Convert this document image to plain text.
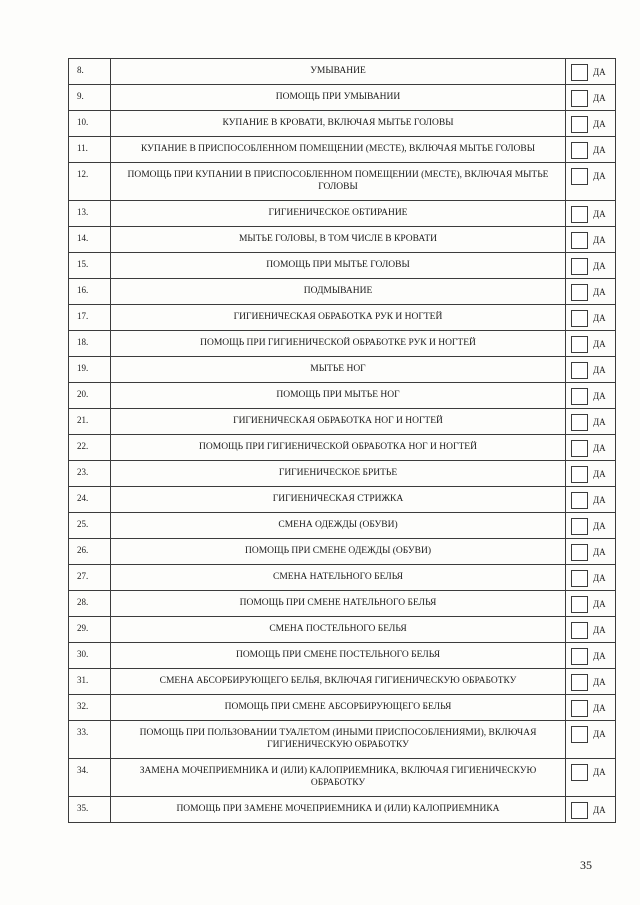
8.	УМЫВАНИЕ	ДА
9.	ПОМОЩЬ ПРИ УМЫВАНИИ	ДА
10.	КУПАНИЕ В КРОВАТИ, ВКЛЮЧАЯ МЫТЬЕ ГОЛОВЫ	ДА
11.	КУПАНИЕ В ПРИСПОСОБЛЕННОМ ПОМЕЩЕНИИ (МЕСТЕ), ВКЛЮЧАЯ МЫТЬЕ ГОЛОВЫ	ДА
12.	ПОМОЩЬ ПРИ КУПАНИИ В ПРИСПОСОБЛЕННОМ ПОМЕЩЕНИИ (МЕСТЕ), ВКЛЮЧАЯ МЫТЬЕ ГОЛОВЫ	ДА
13.	ГИГИЕНИЧЕСКОЕ ОБТИРАНИЕ	ДА
14.	МЫТЬЕ ГОЛОВЫ, В ТОМ ЧИСЛЕ В КРОВАТИ	ДА
15.	ПОМОЩЬ ПРИ МЫТЬЕ ГОЛОВЫ	ДА
16.	ПОДМЫВАНИЕ	ДА
17.	ГИГИЕНИЧЕСКАЯ ОБРАБОТКА РУК И НОГТЕЙ	ДА
18.	ПОМОЩЬ ПРИ ГИГИЕНИЧЕСКОЙ ОБРАБОТКЕ РУК И НОГТЕЙ	ДА
19.	МЫТЬЕ НОГ	ДА
20.	ПОМОЩЬ ПРИ МЫТЬЕ НОГ	ДА
21.	ГИГИЕНИЧЕСКАЯ ОБРАБОТКА НОГ И НОГТЕЙ	ДА
22.	ПОМОЩЬ ПРИ ГИГИЕНИЧЕСКОЙ ОБРАБОТКА НОГ И НОГТЕЙ	ДА
23.	ГИГИЕНИЧЕСКОЕ БРИТЬЕ	ДА
24.	ГИГИЕНИЧЕСКАЯ СТРИЖКА	ДА
25.	СМЕНА ОДЕЖДЫ (ОБУВИ)	ДА
26.	ПОМОЩЬ ПРИ СМЕНЕ ОДЕЖДЫ (ОБУВИ)	ДА
27.	СМЕНА НАТЕЛЬНОГО БЕЛЬЯ	ДА
28.	ПОМОЩЬ ПРИ СМЕНЕ НАТЕЛЬНОГО БЕЛЬЯ	ДА
29.	СМЕНА ПОСТЕЛЬНОГО БЕЛЬЯ	ДА
30.	ПОМОЩЬ ПРИ СМЕНЕ ПОСТЕЛЬНОГО БЕЛЬЯ	ДА
31.	СМЕНА АБСОРБИРУЮЩЕГО БЕЛЬЯ, ВКЛЮЧАЯ ГИГИЕНИЧЕСКУЮ ОБРАБОТКУ	ДА
32.	ПОМОЩЬ ПРИ СМЕНЕ АБСОРБИРУЮЩЕГО БЕЛЬЯ	ДА
33.	ПОМОЩЬ ПРИ ПОЛЬЗОВАНИИ ТУАЛЕТОМ (ИНЫМИ ПРИСПОСОБЛЕНИЯМИ), ВКЛЮЧАЯ ГИГИЕНИЧЕСКУЮ ОБРАБОТКУ	ДА
34.	ЗАМЕНА МОЧЕПРИЕМНИКА И (ИЛИ) КАЛОПРИЕМНИКА, ВКЛЮЧАЯ ГИГИЕНИЧЕСКУЮ ОБРАБОТКУ	ДА
35.	ПОМОЩЬ ПРИ ЗАМЕНЕ МОЧЕПРИЕМНИКА И (ИЛИ) КАЛОПРИЕМНИКА	ДА
35
